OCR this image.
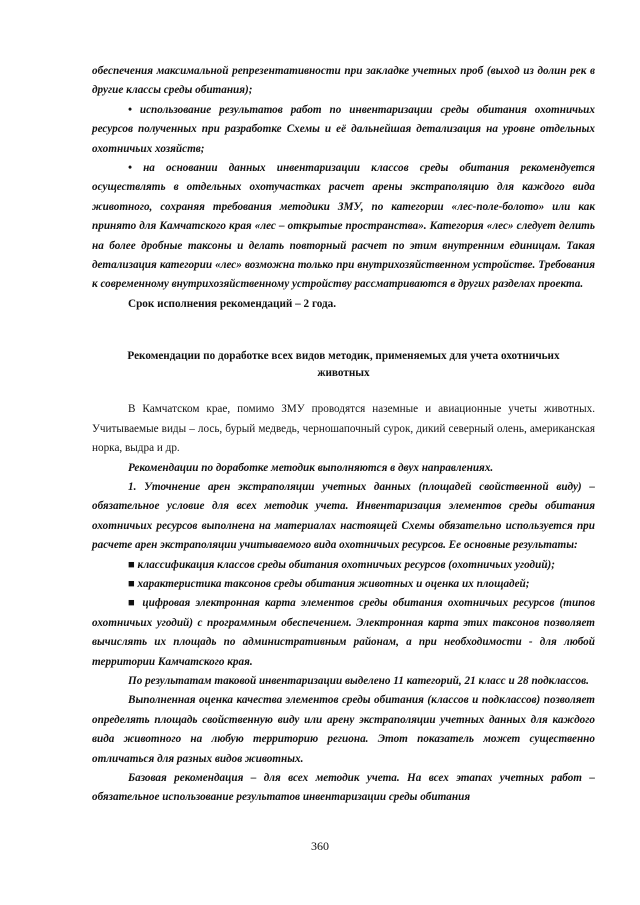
обеспечения максимальной репрезентативности при закладке учетных проб (выход из долин рек в другие классы среды обитания);

• использование результатов работ по инвентаризации среды обитания охотничьих ресурсов полученных при разработке Схемы и её дальнейшая детализация на уровне отдельных охотничьих хозяйств;

• на основании данных инвентаризации классов среды обитания рекомендуется осуществлять в отдельных охотучастках расчет арены экстраполяцию для каждого вида животного, сохраняя требования методики ЗМУ, по категории «лес-поле-болото» или как принято для Камчатского края «лес – открытые пространства». Категория «лес» следует делить на более дробные таксоны и делать повторный расчет по этим внутренним единицам. Такая детализация категории «лес» возможна только при внутрихозяйственном устройстве. Требования к современному внутрихозяйственному устройству рассматриваются в других разделах проекта.

Срок исполнения рекомендаций – 2 года.

Рекомендации по доработке всех видов методик, применяемых для учета охотничьих животных

В Камчатском крае, помимо ЗМУ проводятся наземные и авиационные учеты животных. Учитываемые виды – лось, бурый медведь, черношапочный сурок, дикий северный олень, американская норка, выдра и др.

Рекомендации по доработке методик выполняются в двух направлениях.

1. Уточнение арен экстраполяции учетных данных (площадей свойственной виду) – обязательное условие для всех методик учета. Инвентаризация элементов среды обитания охотничьих ресурсов выполнена на материалах настоящей Схемы обязательно используется при расчете арен экстраполяции учитываемого вида охотничьих ресурсов. Ее основные результаты:

■ классификация классов среды обитания охотничьих ресурсов (охотничьих угодий);

■ характеристика таксонов среды обитания животных и оценка их площадей;

■ цифровая электронная карта элементов среды обитания охотничьих ресурсов (типов охотничьих угодий) с программным обеспечением. Электронная карта этих таксонов позволяет вычислять их площадь по административным районам, а при необходимости - для любой территории Камчатского края.

По результатам таковой инвентаризации выделено 11 категорий, 21 класс и 28 подклассов.

Выполненная оценка качества элементов среды обитания (классов и подклассов) позволяет определять площадь свойственную виду или арену экстраполяции учетных данных для каждого вида животного на любую территорию региона. Этот показатель может существенно отличаться для разных видов животных.

Базовая рекомендация – для всех методик учета. На всех этапах учетных работ – обязательное использование результатов инвентаризации среды обитания

360
